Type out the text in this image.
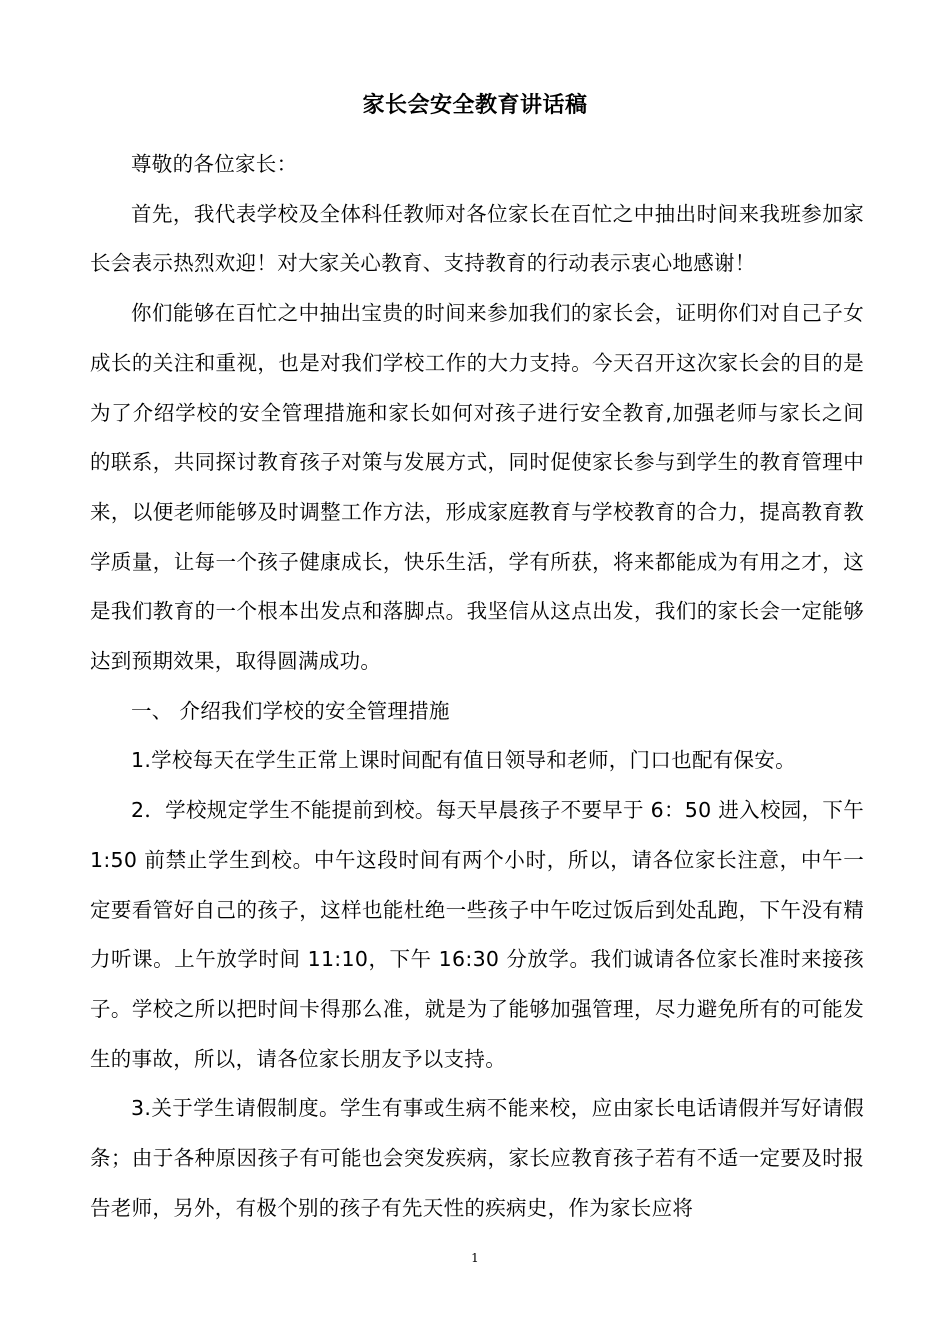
家长会安全教育讲话稿

尊敬的各位家长：

首先，我代表学校及全体科任教师对各位家长在百忙之中抽出时间来我班参加家长会表示热烈欢迎！对大家关心教育、支持教育的行动表示衷心地感谢！

你们能够在百忙之中抽出宝贵的时间来参加我们的家长会，证明你们对自己子女成长的关注和重视，也是对我们学校工作的大力支持。今天召开这次家长会的目的是为了介绍学校的安全管理措施和家长如何对孩子进行安全教育,加强老师与家长之间的联系，共同探讨教育孩子对策与发展方式，同时促使家长参与到学生的教育管理中来，以便老师能够及时调整工作方法，形成家庭教育与学校教育的合力，提高教育教学质量，让每一个孩子健康成长，快乐生活，学有所获，将来都能成为有用之才，这是我们教育的一个根本出发点和落脚点。我坚信从这点出发，我们的家长会一定能够达到预期效果，取得圆满成功。

一、 介绍我们学校的安全管理措施

1.学校每天在学生正常上课时间配有值日领导和老师，门口也配有保安。

2．学校规定学生不能提前到校。每天早晨孩子不要早于 6：50 进入校园，下午 1:50 前禁止学生到校。中午这段时间有两个小时，所以，请各位家长注意，中午一定要看管好自己的孩子，这样也能杜绝一些孩子中午吃过饭后到处乱跑，下午没有精力听课。上午放学时间 11:10，下午 16:30 分放学。我们诚请各位家长准时来接孩子。学校之所以把时间卡得那么准，就是为了能够加强管理，尽力避免所有的可能发生的事故，所以，请各位家长朋友予以支持。

3.关于学生请假制度。学生有事或生病不能来校，应由家长电话请假并写好请假条；由于各种原因孩子有可能也会突发疾病，家长应教育孩子若有不适一定要及时报告老师，另外，有极个别的孩子有先天性的疾病史，作为家长应将

1
